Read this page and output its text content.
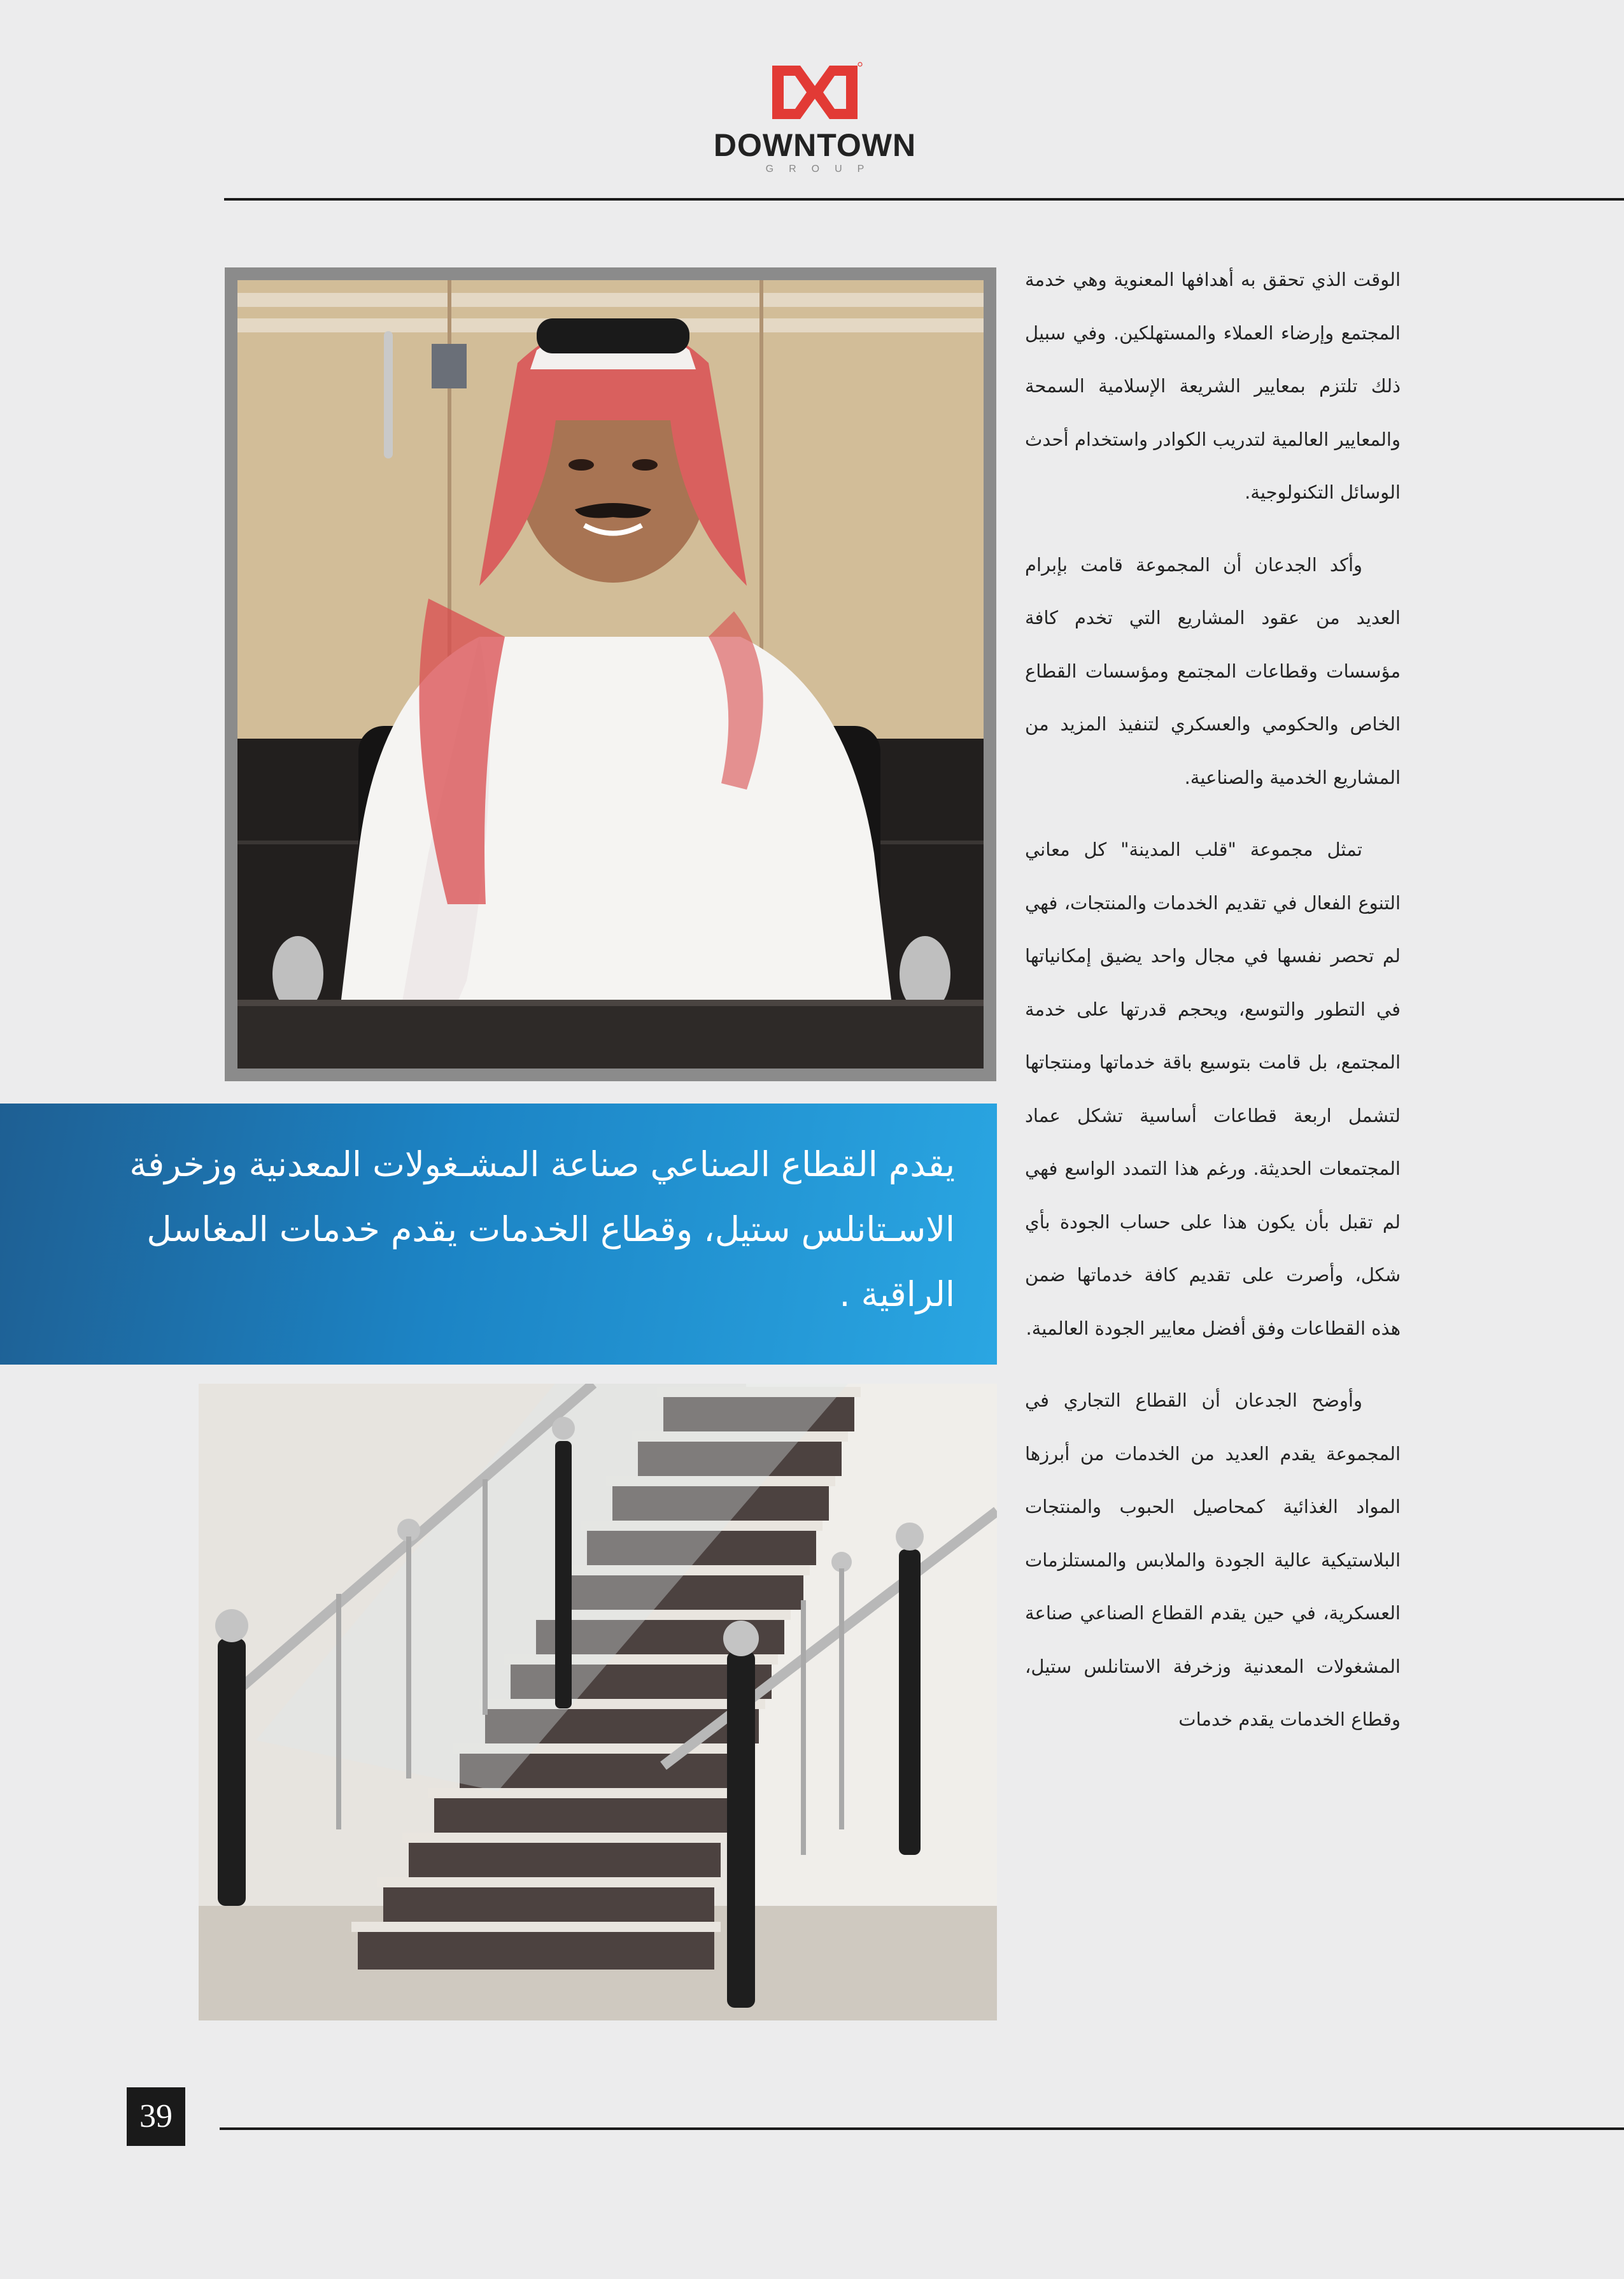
DOWNTOWN
GROUP
يقدم القطاع الصناعي صناعة المشـغولات المعدنية وزخرفة الاسـتانلس ستيل، وقطاع الخدمات يقدم خدمات المغاسل الراقية .

الوقت الذي تحقق به أهدافها المعنوية وهي خدمة المجتمع وإرضاء العملاء والمستهلكين. وفي سبيل ذلك تلتزم بمعايير الشريعة الإسلامية السمحة والمعايير العالمية لتدريب الكوادر واستخدام أحدث الوسائل التكنولوجية.

وأكد الجدعان أن المجموعة قامت بإبرام العديد من عقود المشاريع التي تخدم كافة مؤسسات وقطاعات المجتمع ومؤسسات القطاع الخاص والحكومي والعسكري لتنفيذ المزيد من المشاريع الخدمية والصناعية.

تمثل مجموعة "قلب المدينة" كل معاني التنوع الفعال في تقديم الخدمات والمنتجات، فهي لم تحصر نفسها في مجال واحد يضيق إمكانياتها في التطور والتوسع، ويحجم قدرتها على خدمة المجتمع، بل قامت بتوسيع باقة خدماتها ومنتجاتها لتشمل اربعة قطاعات أساسية تشكل عماد المجتمعات الحديثة. ورغم هذا التمدد الواسع فهي لم تقبل بأن يكون هذا على حساب الجودة بأي شكل، وأصرت على تقديم كافة خدماتها ضمن هذه القطاعات وفق أفضل معايير الجودة العالمية.

وأوضح الجدعان أن القطاع التجاري في المجموعة يقدم العديد من الخدمات من أبرزها المواد الغذائية كمحاصيل الحبوب والمنتجات البلاستيكية عالية الجودة والملابس والمستلزمات العسكرية، في حين يقدم القطاع الصناعي صناعة المشغولات المعدنية وزخرفة الاستانلس ستيل، وقطاع الخدمات يقدم خدمات

39
